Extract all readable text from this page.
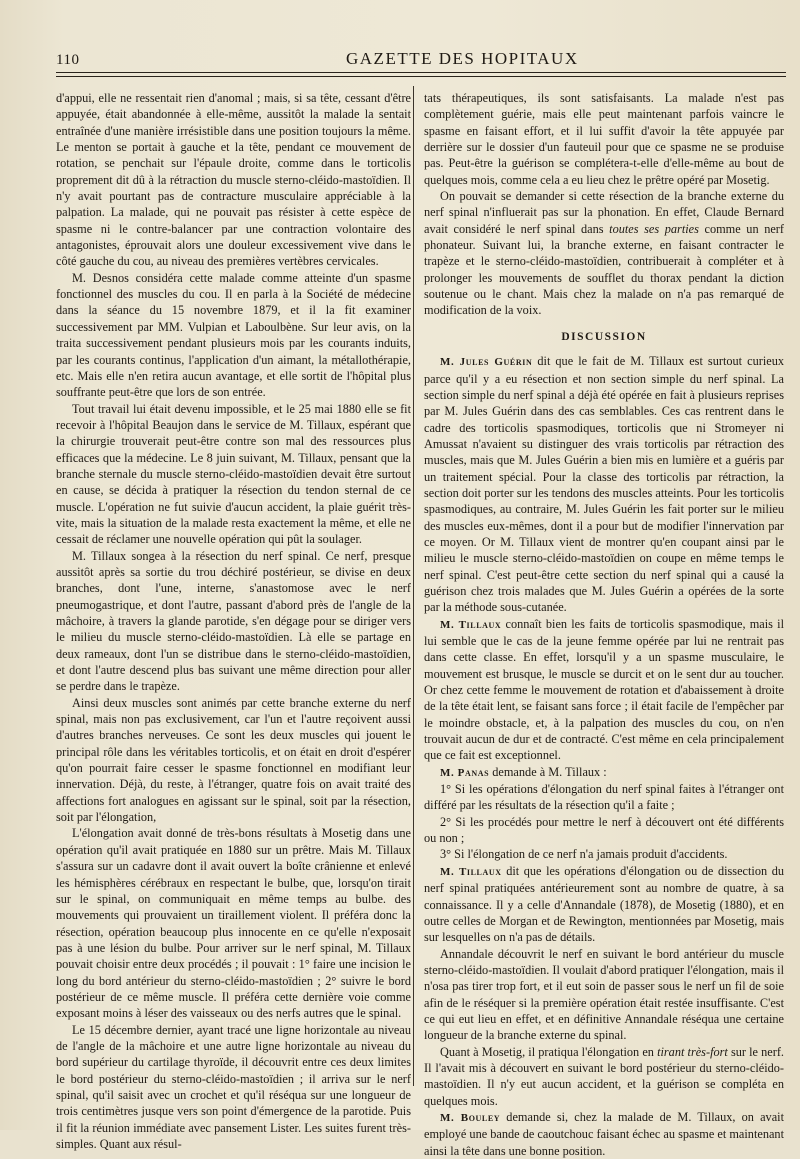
110	GAZETTE DES HOPITAUX

d'appui, elle ne ressentait rien d'anomal ; mais, si sa tête, cessant d'être appuyée, était abandonnée à elle-même, aussitôt la malade la sentait entraînée d'une manière irrésistible dans une position toujours la même. Le menton se portait à gauche et la tête, pendant ce mouvement de rotation, se penchait sur l'épaule droite, comme dans le torticolis proprement dit dû à la rétraction du muscle sterno-cléido-mastoïdien. Il n'y avait pourtant pas de contracture musculaire appréciable à la palpation. La malade, qui ne pouvait pas résister à cette espèce de spasme ni le contre-balancer par une contraction volontaire des antagonistes, éprouvait alors une douleur excessivement vive dans le côté gauche du cou, au niveau des premières vertèbres cervicales.

M. Desnos considéra cette malade comme atteinte d'un spasme fonctionnel des muscles du cou. Il en parla à la Société de médecine dans la séance du 15 novembre 1879, et il la fit examiner successivement par MM. Vulpian et Laboulbène. Sur leur avis, on la traita successivement pendant plusieurs mois par les courants induits, par les courants continus, l'application d'un aimant, la métallothérapie, etc. Mais elle n'en retira aucun avantage, et elle sortit de l'hôpital plus souffrante peut-être que lors de son entrée.

Tout travail lui était devenu impossible, et le 25 mai 1880 elle se fit recevoir à l'hôpital Beaujon dans le service de M. Tillaux, espérant que la chirurgie trouverait peut-être contre son mal des ressources plus efficaces que la médecine. Le 8 juin suivant, M. Tillaux, pensant que la branche sternale du muscle sterno-cléido-mastoïdien devait être surtout en cause, se décida à pratiquer la résection du tendon sternal de ce muscle. L'opération ne fut suivie d'aucun accident, la plaie guérit très-vite, mais la situation de la malade resta exactement la même, et elle ne cessait de réclamer une nouvelle opération qui pût la soulager.

M. Tillaux songea à la résection du nerf spinal. Ce nerf, presque aussitôt après sa sortie du trou déchiré postérieur, se divise en deux branches, dont l'une, interne, s'anastomose avec le nerf pneumogastrique, et dont l'autre, passant d'abord près de l'angle de la mâchoire, à travers la glande parotide, s'en dégage pour se diriger vers le milieu du muscle sterno-cléido-mastoïdien. Là elle se partage en deux rameaux, dont l'un se distribue dans le sterno-cléido-mastoïdien, et dont l'autre descend plus bas suivant une même direction pour aller se perdre dans le trapèze.

Ainsi deux muscles sont animés par cette branche externe du nerf spinal, mais non pas exclusivement, car l'un et l'autre reçoivent aussi d'autres branches nerveuses. Ce sont les deux muscles qui jouent le principal rôle dans les véritables torticolis, et on était en droit d'espérer qu'on pourrait faire cesser le spasme fonctionnel en modifiant leur innervation. Déjà, du reste, à l'étranger, quatre fois on avait traité des affections fort analogues en agissant sur le spinal, soit par la résection, soit par l'élongation,

L'élongation avait donné de très-bons résultats à Mosetig dans une opération qu'il avait pratiquée en 1880 sur un prêtre. Mais M. Tillaux s'assura sur un cadavre dont il avait ouvert la boîte crânienne et enlevé les hémisphères cérébraux en respectant le bulbe, que, lorsqu'on tirait sur le spinal, on communiquait en même temps au bulbe. des mouvements qui prouvaient un tiraillement violent. Il préféra donc la résection, opération beaucoup plus innocente en ce qu'elle n'exposait pas à une lésion du bulbe. Pour arriver sur le nerf spinal, M. Tillaux pouvait choisir entre deux procédés ; il pouvait : 1° faire une incision le long du bord antérieur du sterno-cléido-mastoïdien ; 2° suivre le bord postérieur de ce même muscle. Il préféra cette dernière voie comme exposant moins à léser des vaisseaux ou des nerfs autres que le spinal.

Le 15 décembre dernier, ayant tracé une ligne horizontale au niveau de l'angle de la mâchoire et une autre ligne horizontale au niveau du bord supérieur du cartilage thyroïde, il découvrit entre ces deux limites le bord postérieur du sterno-cléido-mastoïdien ; il arriva sur le nerf spinal, qu'il saisit avec un crochet et qu'il réséqua sur une longueur de trois centimètres jusque vers son point d'émergence de la parotide. Puis il fit la réunion immédiate avec pansement Lister. Les suites furent très-simples. Quant aux résul-

tats thérapeutiques, ils sont satisfaisants. La malade n'est pas complètement guérie, mais elle peut maintenant parfois vaincre le spasme en faisant effort, et il lui suffit d'avoir la tête appuyée par derrière sur le dossier d'un fauteuil pour que ce spasme ne se produise pas. Peut-être la guérison se complétera-t-elle d'elle-même au bout de quelques mois, comme cela a eu lieu chez le prêtre opéré par Mosetig.

On pouvait se demander si cette résection de la branche externe du nerf spinal n'influerait pas sur la phonation. En effet, Claude Bernard avait considéré le nerf spinal dans toutes ses parties comme un nerf phonateur. Suivant lui, la branche externe, en faisant contracter le trapèze et le sterno-cléido-mastoïdien, contribuerait à compléter et à prolonger les mouvements de soufflet du thorax pendant la diction soutenue ou le chant. Mais chez la malade on n'a pas remarqué de modification de la voix.

DISCUSSION

M. Jules Guérin dit que le fait de M. Tillaux est surtout curieux parce qu'il y a eu résection et non section simple du nerf spinal. La section simple du nerf spinal a déjà été opérée en fait à plusieurs reprises par M. Jules Guérin dans des cas semblables. Ces cas rentrent dans le cadre des torticolis spasmodiques, torticolis que ni Stromeyer ni Amussat n'avaient su distinguer des vrais torticolis par rétraction des muscles, mais que M. Jules Guérin a bien mis en lumière et a guéris par un traitement spécial. Pour la classe des torticolis par rétraction, la section doit porter sur les tendons des muscles atteints. Pour les torticolis spasmodiques, au contraire, M. Jules Guérin les fait porter sur le milieu des muscles eux-mêmes, dont il a pour but de modifier l'innervation par ce moyen. Or M. Tillaux vient de montrer qu'en coupant ainsi par le milieu le muscle sterno-cléido-mastoïdien on coupe en même temps le nerf spinal. C'est peut-être cette section du nerf spinal qui a causé la guérison chez trois malades que M. Jules Guérin a opérées de la sorte par la méthode sous-cutanée.

M. Tillaux connaît bien les faits de torticolis spasmodique, mais il lui semble que le cas de la jeune femme opérée par lui ne rentrait pas dans cette classe. En effet, lorsqu'il y a un spasme musculaire, le mouvement est brusque, le muscle se durcit et on le sent dur au toucher. Or chez cette femme le mouvement de rotation et d'abaissement à droite de la tête était lent, se faisant sans force ; il était facile de l'empêcher par le moindre obstacle, et, à la palpation des muscles du cou, on n'en trouvait aucun de dur et de contracté. C'est même en cela principalement que ce fait est exceptionnel.

M. Panas demande à M. Tillaux :

1° Si les opérations d'élongation du nerf spinal faites à l'étranger ont différé par les résultats de la résection qu'il a faite ;

2° Si les procédés pour mettre le nerf à découvert ont été différents ou non ;

3° Si l'élongation de ce nerf n'a jamais produit d'accidents.

M. Tillaux dit que les opérations d'élongation ou de dissection du nerf spinal pratiquées antérieurement sont au nombre de quatre, à sa connaissance. Il y a celle d'Annandale (1878), de Mosetig (1880), et en outre celles de Morgan et de Rewington, mentionnées par Mosetig, mais sur lesquelles on n'a pas de détails.

Annandale découvrit le nerf en suivant le bord antérieur du muscle sterno-cléido-mastoïdien. Il voulait d'abord pratiquer l'élongation, mais il n'osa pas tirer trop fort, et il eut soin de passer sous le nerf un fil de soie afin de le réséquer si la première opération était restée insuffisante. C'est ce qui eut lieu en effet, et en définitive Annandale réséqua une certaine longueur de la branche externe du spinal.

Quant à Mosetig, il pratiqua l'élongation en tirant très-fort sur le nerf. Il l'avait mis à découvert en suivant le bord postérieur du sterno-cléido-mastoïdien. Il n'y eut aucun accident, et la guérison se compléta en quelques mois.

M. Bouley demande si, chez la malade de M. Tillaux, on avait employé une bande de caoutchouc faisant échec au spasme et maintenant ainsi la tête dans une bonne position.
